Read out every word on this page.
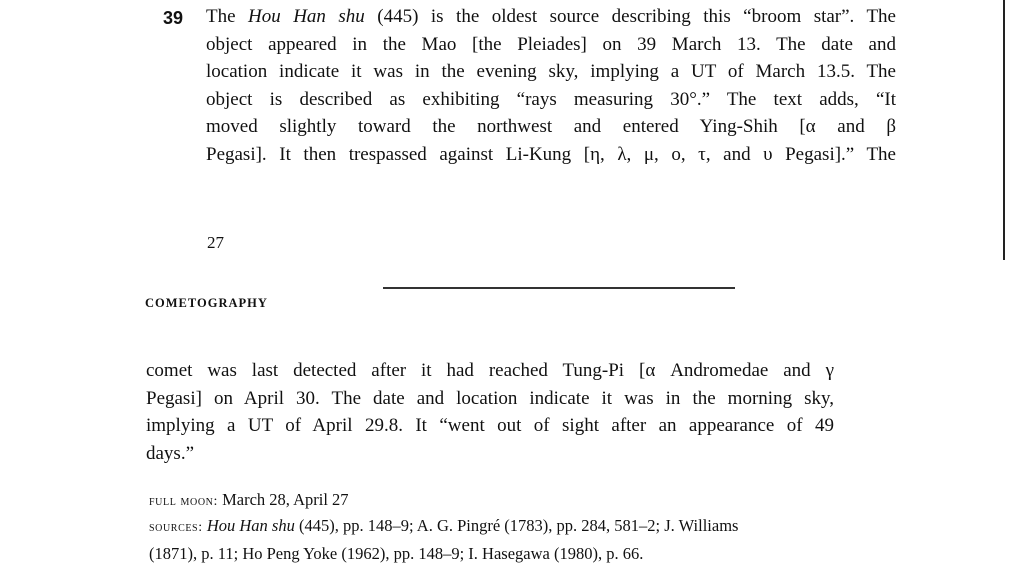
39 The Hou Han shu (445) is the oldest source describing this “broom star”. The
object appeared in the Mao [the Pleiades] on 39 March 13. The date and
location indicate it was in the evening sky, implying a UT of March 13.5. The
object is described as exhibiting “rays measuring 30°.” The text adds, “It
moved slightly toward the northwest and entered Ying-Shih [α and β
Pegasi]. It then trespassed against Li-Kung [η, λ, μ, o, τ, and υ Pegasi].” The
27
COMETOGRAPHY
comet was last detected after it had reached Tung-Pi [α Andromedae and γ
Pegasi] on April 30. The date and location indicate it was in the morning sky,
implying a UT of April 29.8. It “went out of sight after an appearance of 49
days.”
full moon: March 28, April 27
sources: Hou Han shu (445), pp. 148–9; A. G. Pingré (1783), pp. 284, 581–2; J. Williams
(1871), p. 11; Ho Peng Yoke (1962), pp. 148–9; I. Hasegawa (1980), p. 66.
